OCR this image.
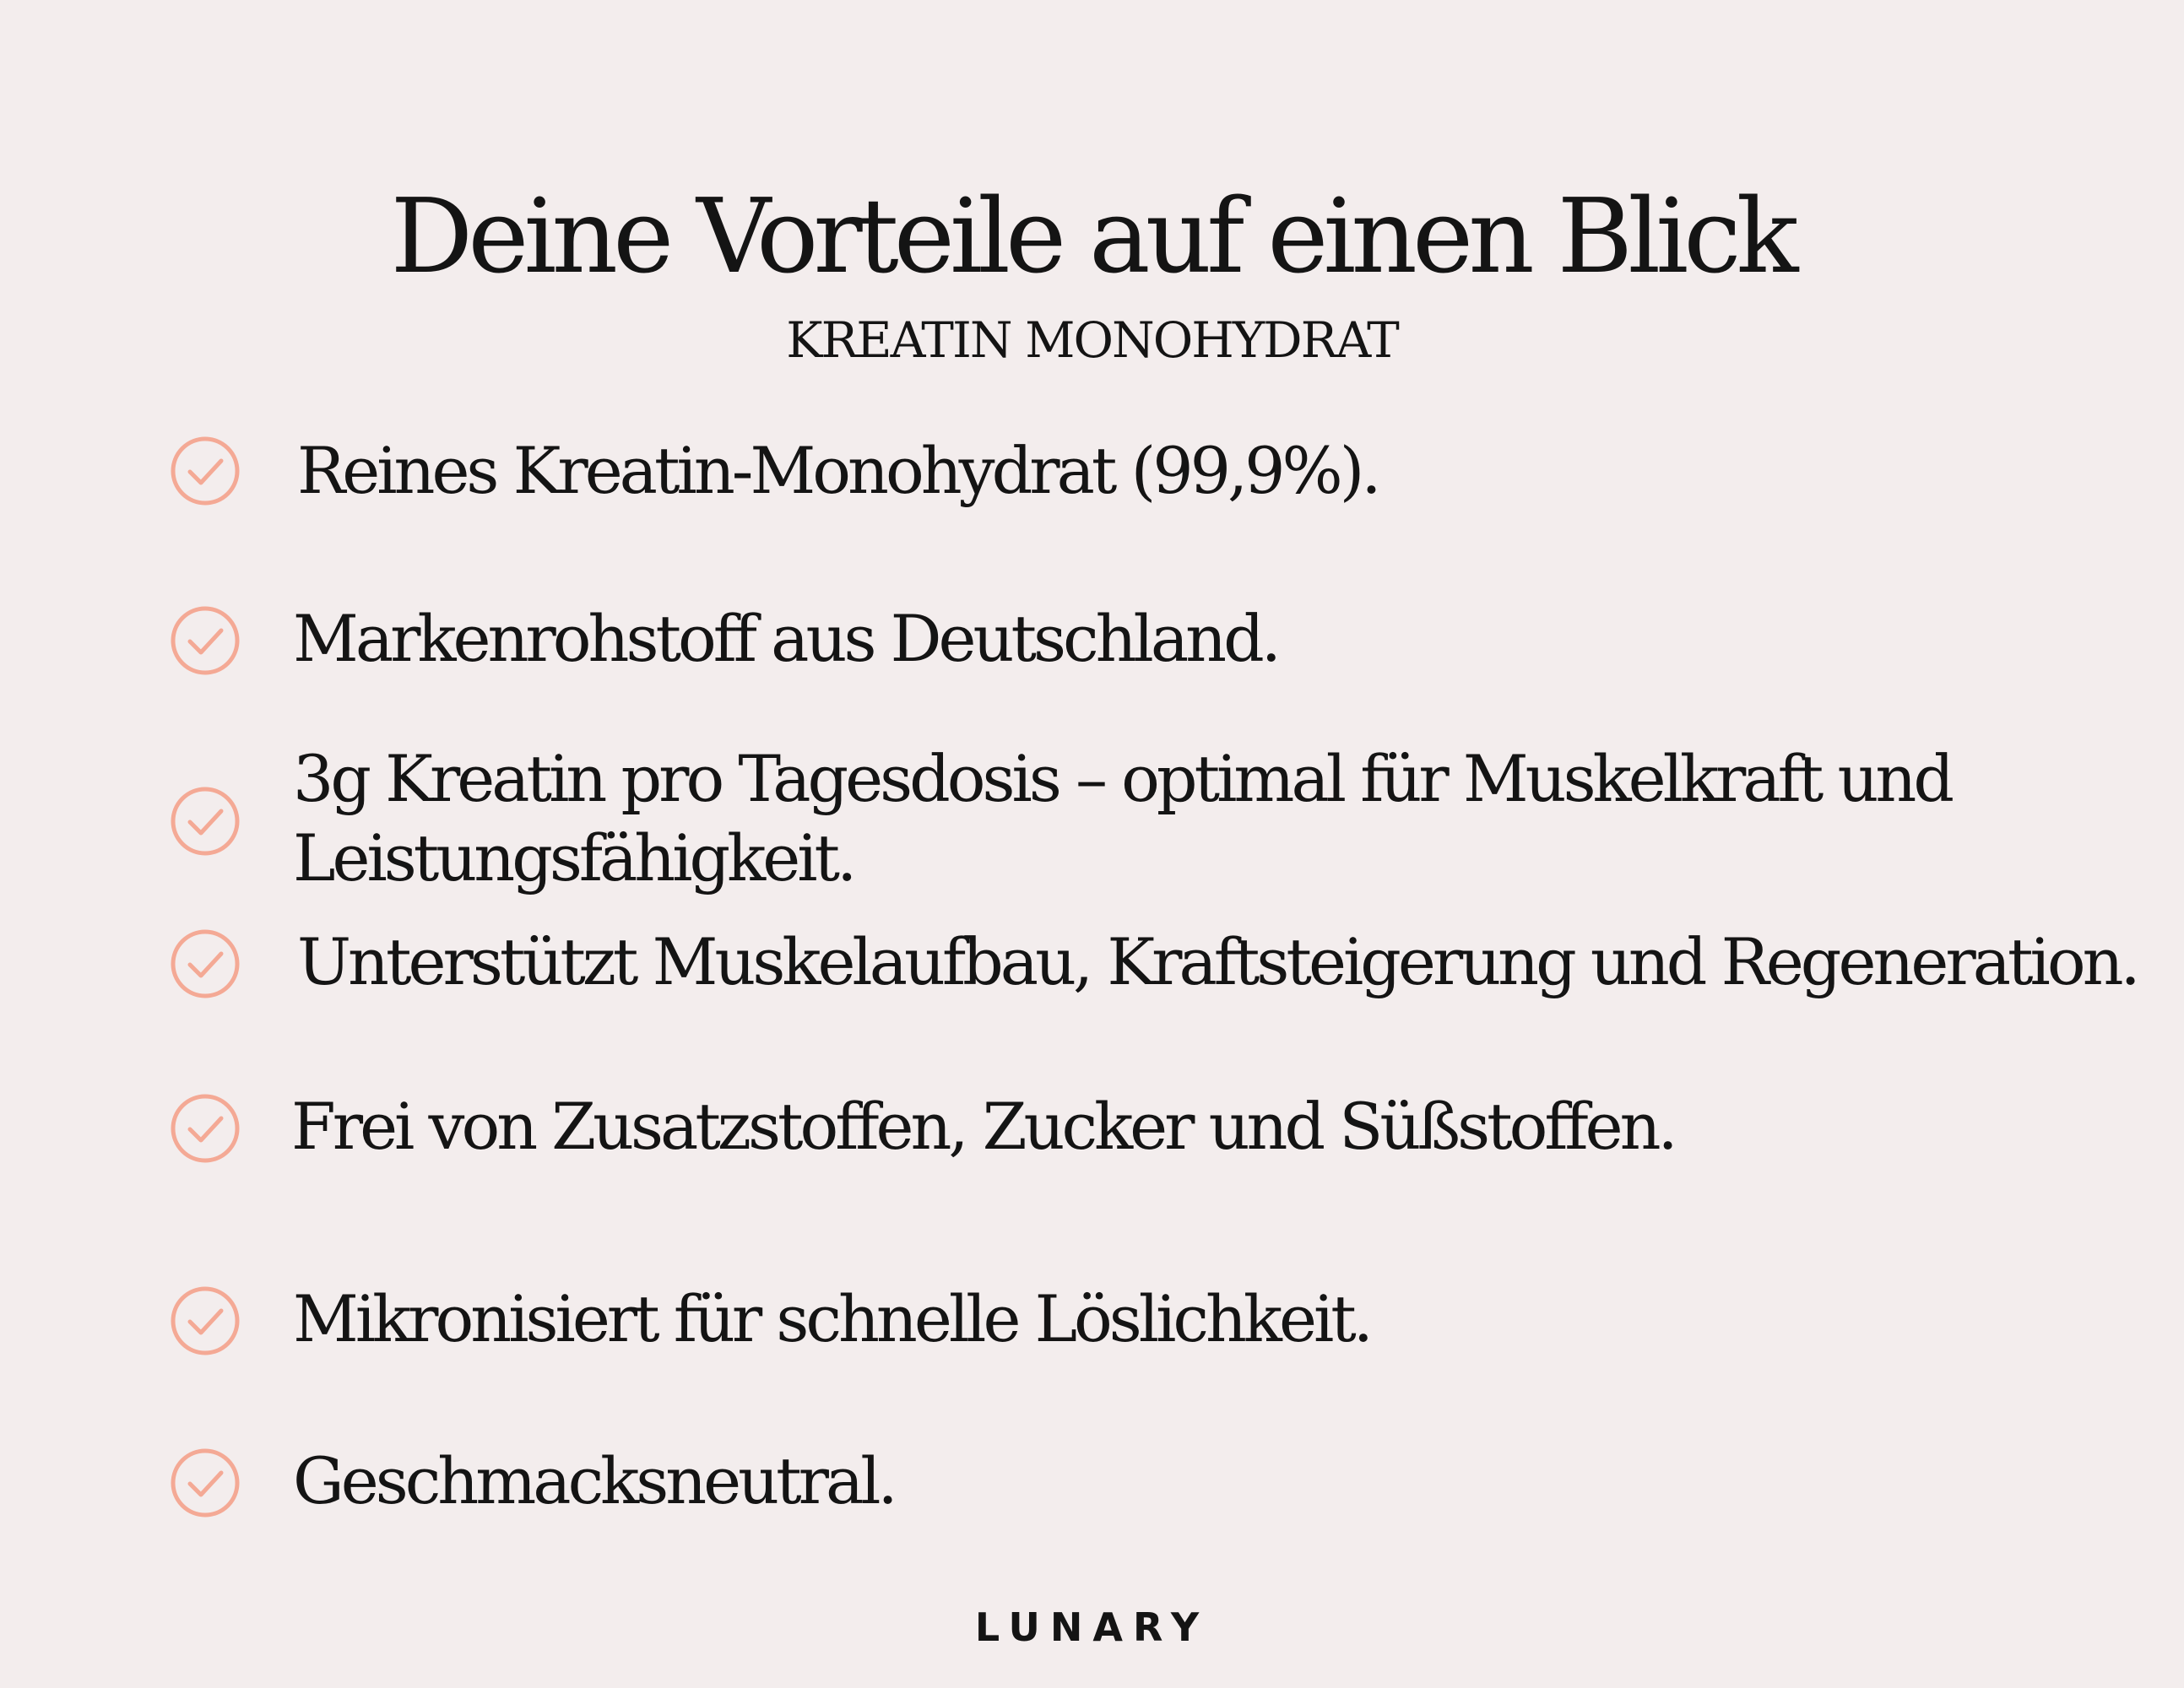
Deine Vorteile auf einen Blick
KREATIN MONOHYDRAT
Reines Kreatin-Monohydrat (99,9%).
Markenrohstoff aus Deutschland.
3g Kreatin pro Tagesdosis – optimal für Muskelkraft und
Leistungsfähigkeit.
Unterstützt Muskelaufbau, Kraftsteigerung und Regeneration.
Frei von Zusatzstoffen, Zucker und Süßstoffen.
Mikronisiert für schnelle Löslichkeit.
Geschmacksneutral.
LUNARY
